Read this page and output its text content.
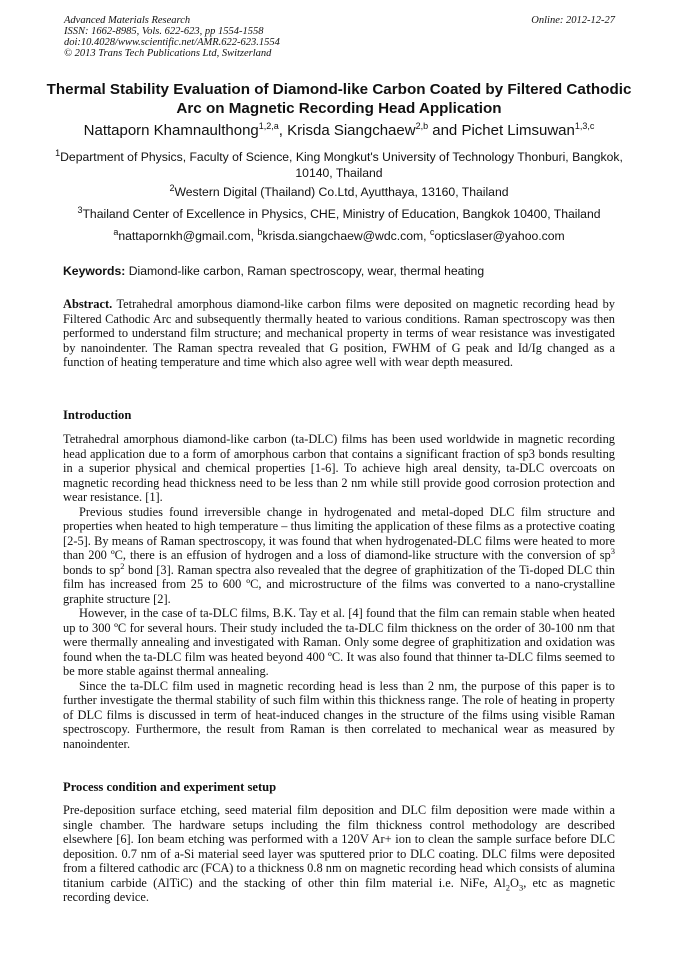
Advanced Materials Research
ISSN: 1662-8985, Vols. 622-623, pp 1554-1558
doi:10.4028/www.scientific.net/AMR.622-623.1554
© 2013 Trans Tech Publications Ltd, Switzerland
Online: 2012-12-27
Thermal Stability Evaluation of Diamond-like Carbon Coated by Filtered Cathodic Arc on Magnetic Recording Head Application
Nattaporn Khamnaulthong$^{1,2,a}$, Krisda Siangchaew$^{2,b}$ and Pichet Limsuwan$^{1,3,c}$
$^1$Department of Physics, Faculty of Science, King Mongkut's University of Technology Thonburi, Bangkok, 10140, Thailand
$^2$Western Digital (Thailand) Co.Ltd, Ayutthaya, 13160, Thailand
$^3$Thailand Center of Excellence in Physics, CHE, Ministry of Education, Bangkok 10400, Thailand
$^a$nattapornkh@gmail.com, $^b$krisda.siangchaew@wdc.com, $^c$opticslaser@yahoo.com
Keywords: Diamond-like carbon, Raman spectroscopy, wear, thermal heating

Abstract. Tetrahedral amorphous diamond-like carbon films were deposited on magnetic recording head by Filtered Cathodic Arc and subsequently thermally heated to various conditions. Raman spectroscopy was then performed to understand film structure; and mechanical property in terms of wear resistance was investigated by nanoindenter. The Raman spectra revealed that G position, FWHM of G peak and Id/Ig changed as a function of heating temperature and time which also agree well with wear depth measured.

Introduction

Tetrahedral amorphous diamond-like carbon (ta-DLC) films has been used worldwide in magnetic recording head application due to a form of amorphous carbon that contains a significant fraction of sp3 bonds resulting in a superior physical and chemical properties [1-6]. To achieve high areal density, ta-DLC overcoats on magnetic recording head thickness need to be less than 2 nm while still provide good corrosion protection and wear resistance. [1].

Previous studies found irreversible change in hydrogenated and metal-doped DLC film structure and properties when heated to high temperature – thus limiting the application of these films as a protective coating [2-5]. By means of Raman spectroscopy, it was found that when hydrogenated-DLC films were heated to more than 200 ºC, there is an effusion of hydrogen and a loss of diamond-like structure with the conversion of $sp^3$ bonds to $sp^2$ bond [3]. Raman spectra also revealed that the degree of graphitization of the Ti-doped DLC thin film has increased from 25 to 600 ºC, and microstructure of the films was converted to a nano-crystalline graphite structure [2].

However, in the case of ta-DLC films, B.K. Tay et al. [4] found that the film can remain stable when heated up to 300 ºC for several hours. Their study included the ta-DLC film thickness on the order of 30-100 nm that were thermally annealing and investigated with Raman. Only some degree of graphitization and oxidation was found when the ta-DLC film was heated beyond 400 ºC. It was also found that thinner ta-DLC films seemed to be more stable against thermal annealing.

Since the ta-DLC film used in magnetic recording head is less than 2 nm, the purpose of this paper is to further investigate the thermal stability of such film within this thickness range. The role of heating in property of DLC films is discussed in term of heat-induced changes in the structure of the films using visible Raman spectroscopy. Furthermore, the result from Raman is then correlated to mechanical wear as measured by nanoindenter.

Process condition and experiment setup

Pre-deposition surface etching, seed material film deposition and DLC film deposition were made within a single chamber. The hardware setups including the film thickness control methodology are described elsewhere [6]. Ion beam etching was performed with a 120V Ar+ ion to clean the sample surface before DLC deposition. 0.7 nm of a-Si material seed layer was sputtered prior to DLC coating. DLC films were deposited from a filtered cathodic arc (FCA) to a thickness 0.8 nm on magnetic recording head which consists of alumina titanium carbide (AlTiC) and the stacking of other thin film material i.e. NiFe, $Al_2O_3$, etc as magnetic recording device.
